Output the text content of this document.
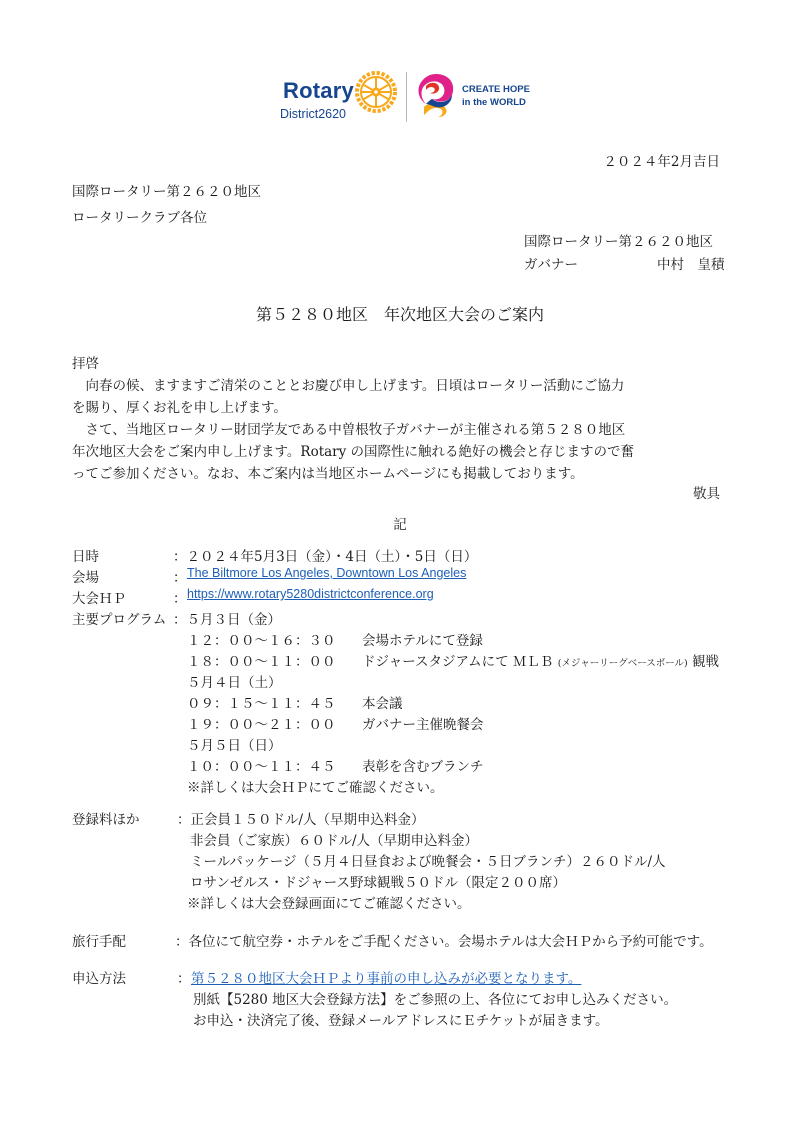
Rotary
District2620
CREATE HOPE
in the WORLD
２０２４年2月吉日
国際ロータリー第２６２０地区
ロータリークラブ各位
国際ロータリー第２６２０地区
ガバナー	中村　皇積
第５２８０地区　年次地区大会のご案内
拝啓
　向春の候、ますますご清栄のこととお慶び申し上げます。日頃はロータリー活動にご協力
を賜り、厚くお礼を申し上げます。
　さて、当地区ロータリー財団学友である中曽根牧子ガバナーが主催される第５２８０地区
年次地区大会をご案内申し上げます。Rotary の国際性に触れる絶好の機会と存じますので奮
ってご参加ください。なお、本ご案内は当地区ホームページにも掲載しております。
敬具
記
日時	：２０２４年5月3日（金）・4日（土）・5日（日）
会場	： The Biltmore Los Angeles, Downtown Los Angeles
大会ＨＰ	： https://www.rotary5280districtconference.org
主要プログラム ：５月３日（金）
１２：００～１６：３０ 会場ホテルにて登録
１８：００～１１：００ ドジャースタジアムにて ＭＬＢ (メジャーリーグベースボール) 観戦
５月４日（土）
０９：１５～１１：４５ 本会議
１９：００～２１：００ ガバナー主催晩餐会
５月５日（日）
１０：００～１１：４５ 表彰を含むブランチ
※詳しくは大会ＨＰにてご確認ください。
登録料ほか	：正会員１５０ドル/人（早期申込料金）
非会員（ご家族）６０ドル/人（早期申込料金）
ミールパッケージ（５月４日昼食および晩餐会・５日ブランチ）２６０ドル/人
ロサンゼルス・ドジャース野球観戦５０ドル（限定２００席）
※詳しくは大会登録画面にてご確認ください。
旅行手配	：各位にて航空券・ホテルをご手配ください。会場ホテルは大会ＨＰから予約可能です。
申込方法	： 第５２８０地区大会ＨＰより事前の申し込みが必要となります。
別紙【5280 地区大会登録方法】をご参照の上、各位にてお申し込みください。
お申込・決済完了後、登録メールアドレスにＥチケットが届きます。
